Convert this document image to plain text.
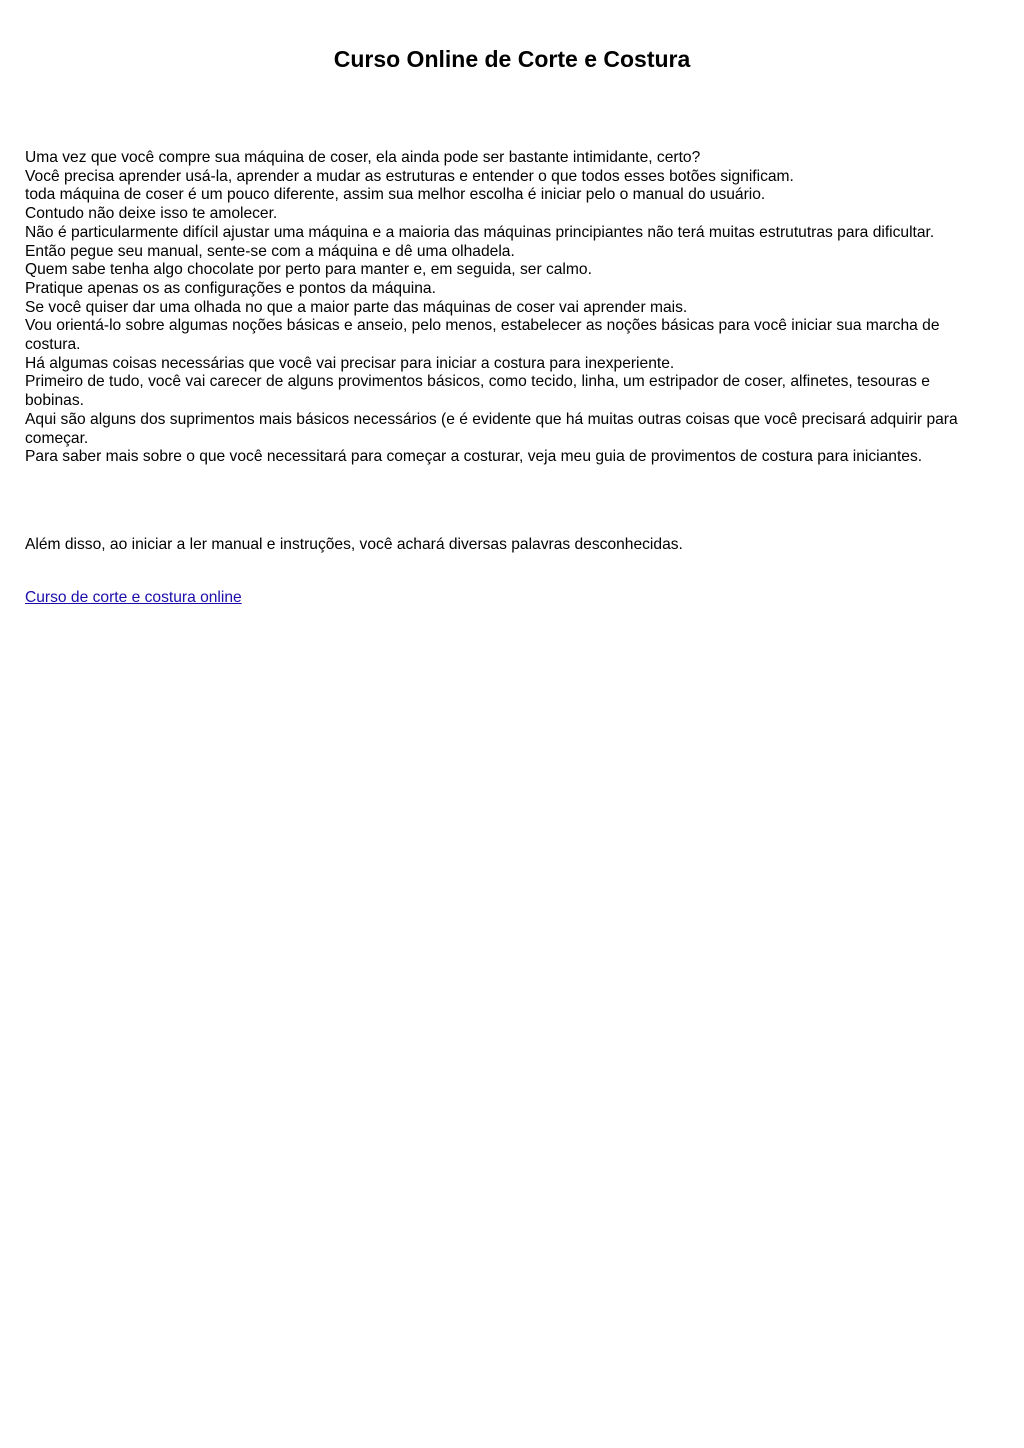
Curso Online de Corte e Costura

Uma vez que você compre sua máquina de coser, ela ainda pode ser bastante intimidante, certo?
Você precisa aprender usá-la, aprender a mudar as estruturas e entender o que todos esses botões significam.
toda máquina de coser é um pouco diferente, assim sua melhor escolha é iniciar pelo o manual do usuário.
Contudo não deixe isso te amolecer.
Não é particularmente difícil ajustar uma máquina e a maioria das máquinas principiantes não terá muitas estrututras para dificultar.
Então pegue seu manual, sente-se com a máquina e dê uma olhadela.
Quem sabe tenha algo chocolate por perto para manter e, em seguida, ser calmo.
Pratique apenas os as configurações e pontos da máquina.
Se você quiser dar uma olhada no que a maior parte das máquinas de coser vai aprender mais.
Vou orientá-lo sobre algumas noções básicas e anseio, pelo menos, estabelecer as noções básicas para você iniciar sua marcha de costura.
Há algumas coisas necessárias que você vai precisar para iniciar a costura para inexperiente.
Primeiro de tudo, você vai carecer de alguns provimentos básicos, como tecido, linha, um estripador de coser, alfinetes, tesouras e bobinas.
Aqui são alguns dos suprimentos mais básicos necessários (e é evidente que há muitas outras coisas que você precisará adquirir para começar.
Para saber mais sobre o que você necessitará para começar a costurar, veja meu guia de provimentos de costura para iniciantes.

Além disso, ao iniciar a ler manual e instruções, você achará diversas palavras desconhecidas.

Curso de corte e costura online
